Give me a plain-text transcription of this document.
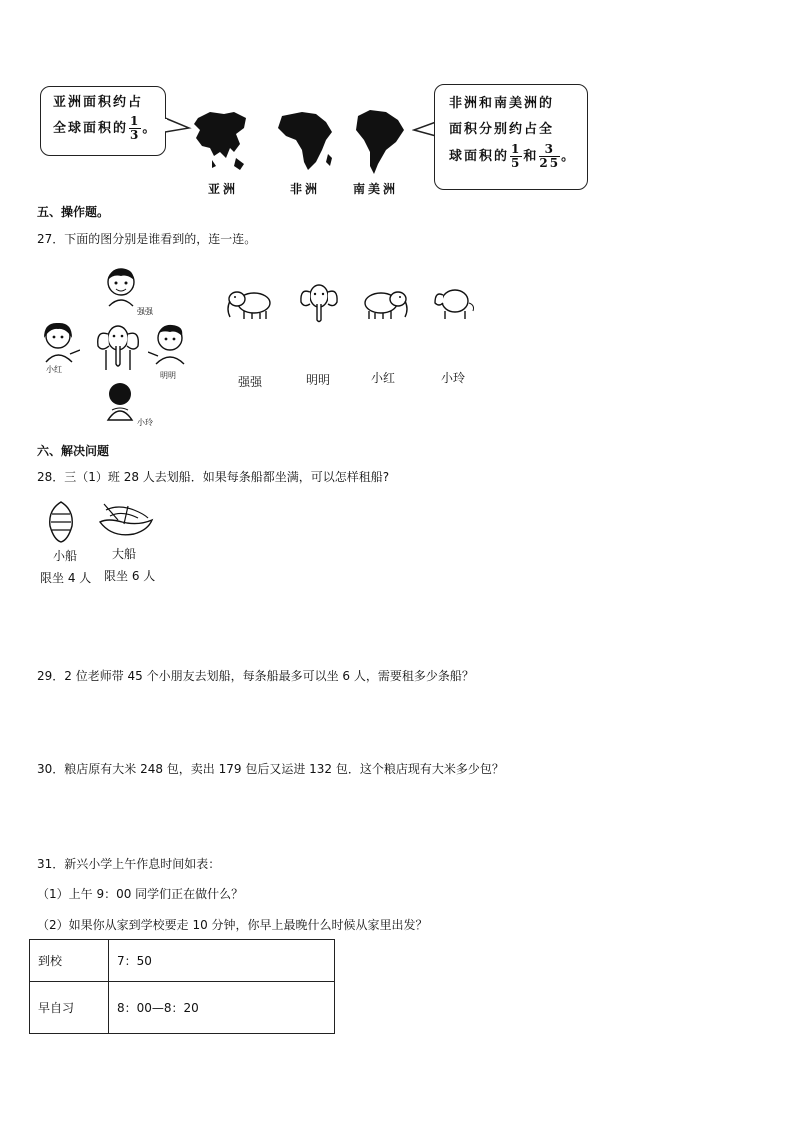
亚洲面积约占
全球面积的 $\frac{1}{3}$ 。
亚洲	非洲	南美洲
非洲和南美洲的
面积分别约占全
球面积的 $\frac{1}{5}$ 和 $\frac{3}{25}$ 。
五、操作题。
27．下面的图分别是谁看到的，连一连。
强强
小红
明明
小玲
强强	明明	小红	小玲
六、解决问题
28．三（1）班 28 人去划船．如果每条船都坐满，可以怎样租船?
小船
限坐 4 人
大船
限坐 6 人
29．2 位老师带 45 个小朋友去划船，每条船最多可以坐 6 人，需要租多少条船？
30．粮店原有大米 248 包，卖出 179 包后又运进 132 包．这个粮店现有大米多少包？
31．新兴小学上午作息时间如表：
（1）上午 9：00 同学们正在做什么？
（2）如果你从家到学校要走 10 分钟，你早上最晚什么时候从家里出发？
到校	7：50
早自习	8：00—8：20
